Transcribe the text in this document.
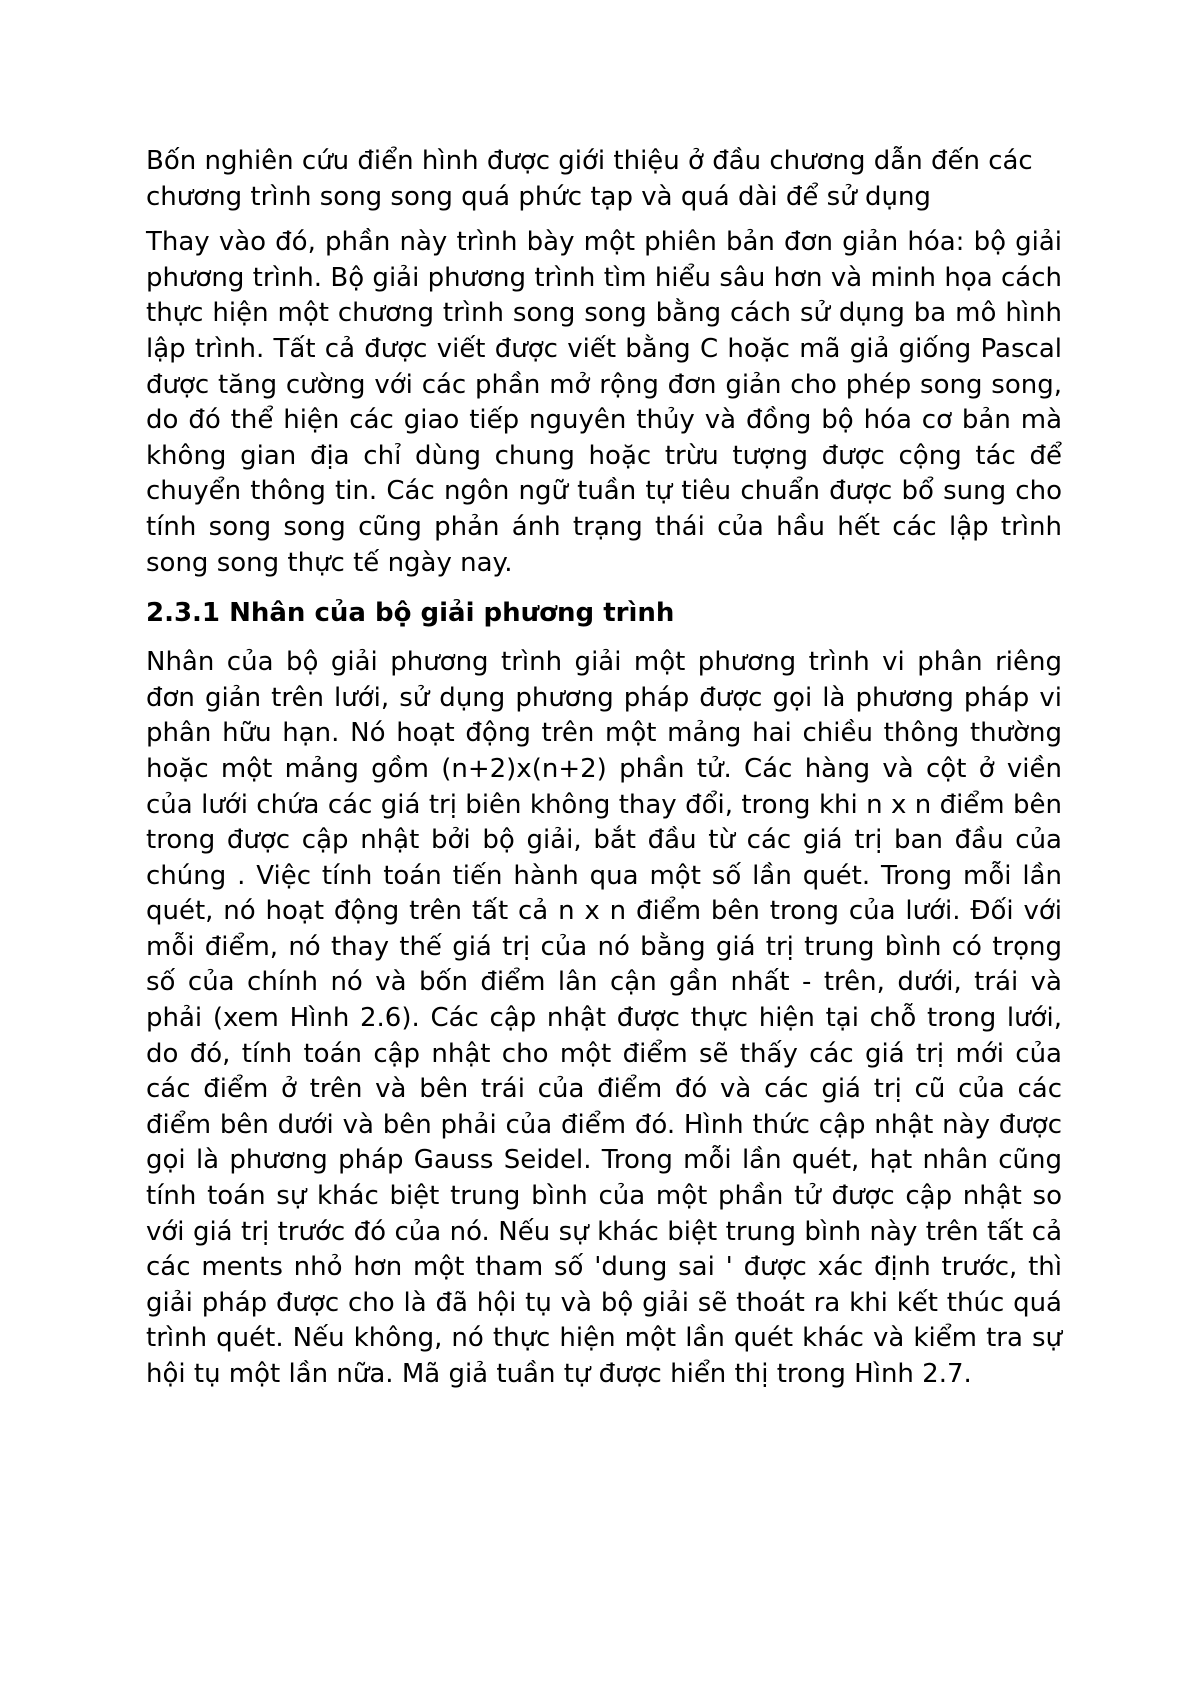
Bốn nghiên cứu điển hình được giới thiệu ở đầu chương dẫn đến các chương trình song song quá phức tạp và quá dài để sử dụng

Thay vào đó, phần này trình bày một phiên bản đơn giản hóa: bộ giải phương trình. Bộ giải phương trình tìm hiểu sâu hơn và minh họa cách thực hiện một chương trình song song bằng cách sử dụng ba mô hình lập trình. Tất cả được viết được viết bằng C hoặc mã giả giống Pascal được tăng cường với các phần mở rộng đơn giản cho phép song song, do đó thể hiện các giao tiếp nguyên thủy và đồng bộ hóa cơ bản mà không gian địa chỉ dùng chung hoặc trừu tượng được cộng tác để chuyển thông tin. Các ngôn ngữ tuần tự tiêu chuẩn được bổ sung cho tính song song cũng phản ánh trạng thái của hầu hết các lập trình song song thực tế ngày nay.

2.3.1 Nhân của bộ giải phương trình

Nhân của bộ giải phương trình giải một phương trình vi phân riêng đơn giản trên lưới, sử dụng phương pháp được gọi là phương pháp vi phân hữu hạn. Nó hoạt động trên một mảng hai chiều thông thường hoặc một mảng gồm (n+2)x(n+2) phần tử. Các hàng và cột ở viền của lưới chứa các giá trị biên không thay đổi, trong khi n x n điểm bên trong được cập nhật bởi bộ giải, bắt đầu từ các giá trị ban đầu của chúng . Việc tính toán tiến hành qua một số lần quét. Trong mỗi lần quét, nó hoạt động trên tất cả n x n điểm bên trong của lưới. Đối với mỗi điểm, nó thay thế giá trị của nó bằng giá trị trung bình có trọng số của chính nó và bốn điểm lân cận gần nhất - trên, dưới, trái và phải (xem Hình 2.6). Các cập nhật được thực hiện tại chỗ trong lưới, do đó, tính toán cập nhật cho một điểm sẽ thấy các giá trị mới của các điểm ở trên và bên trái của điểm đó và các giá trị cũ của các điểm bên dưới và bên phải của điểm đó. Hình thức cập nhật này được gọi là phương pháp Gauss Seidel. Trong mỗi lần quét, hạt nhân cũng tính toán sự khác biệt trung bình của một phần tử được cập nhật so với giá trị trước đó của nó. Nếu sự khác biệt trung bình này trên tất cả các ments nhỏ hơn một tham số 'dung sai ' được xác định trước, thì giải pháp được cho là đã hội tụ và bộ giải sẽ thoát ra khi kết thúc quá trình quét. Nếu không, nó thực hiện một lần quét khác và kiểm tra sự hội tụ một lần nữa. Mã giả tuần tự được hiển thị trong Hình 2.7.
